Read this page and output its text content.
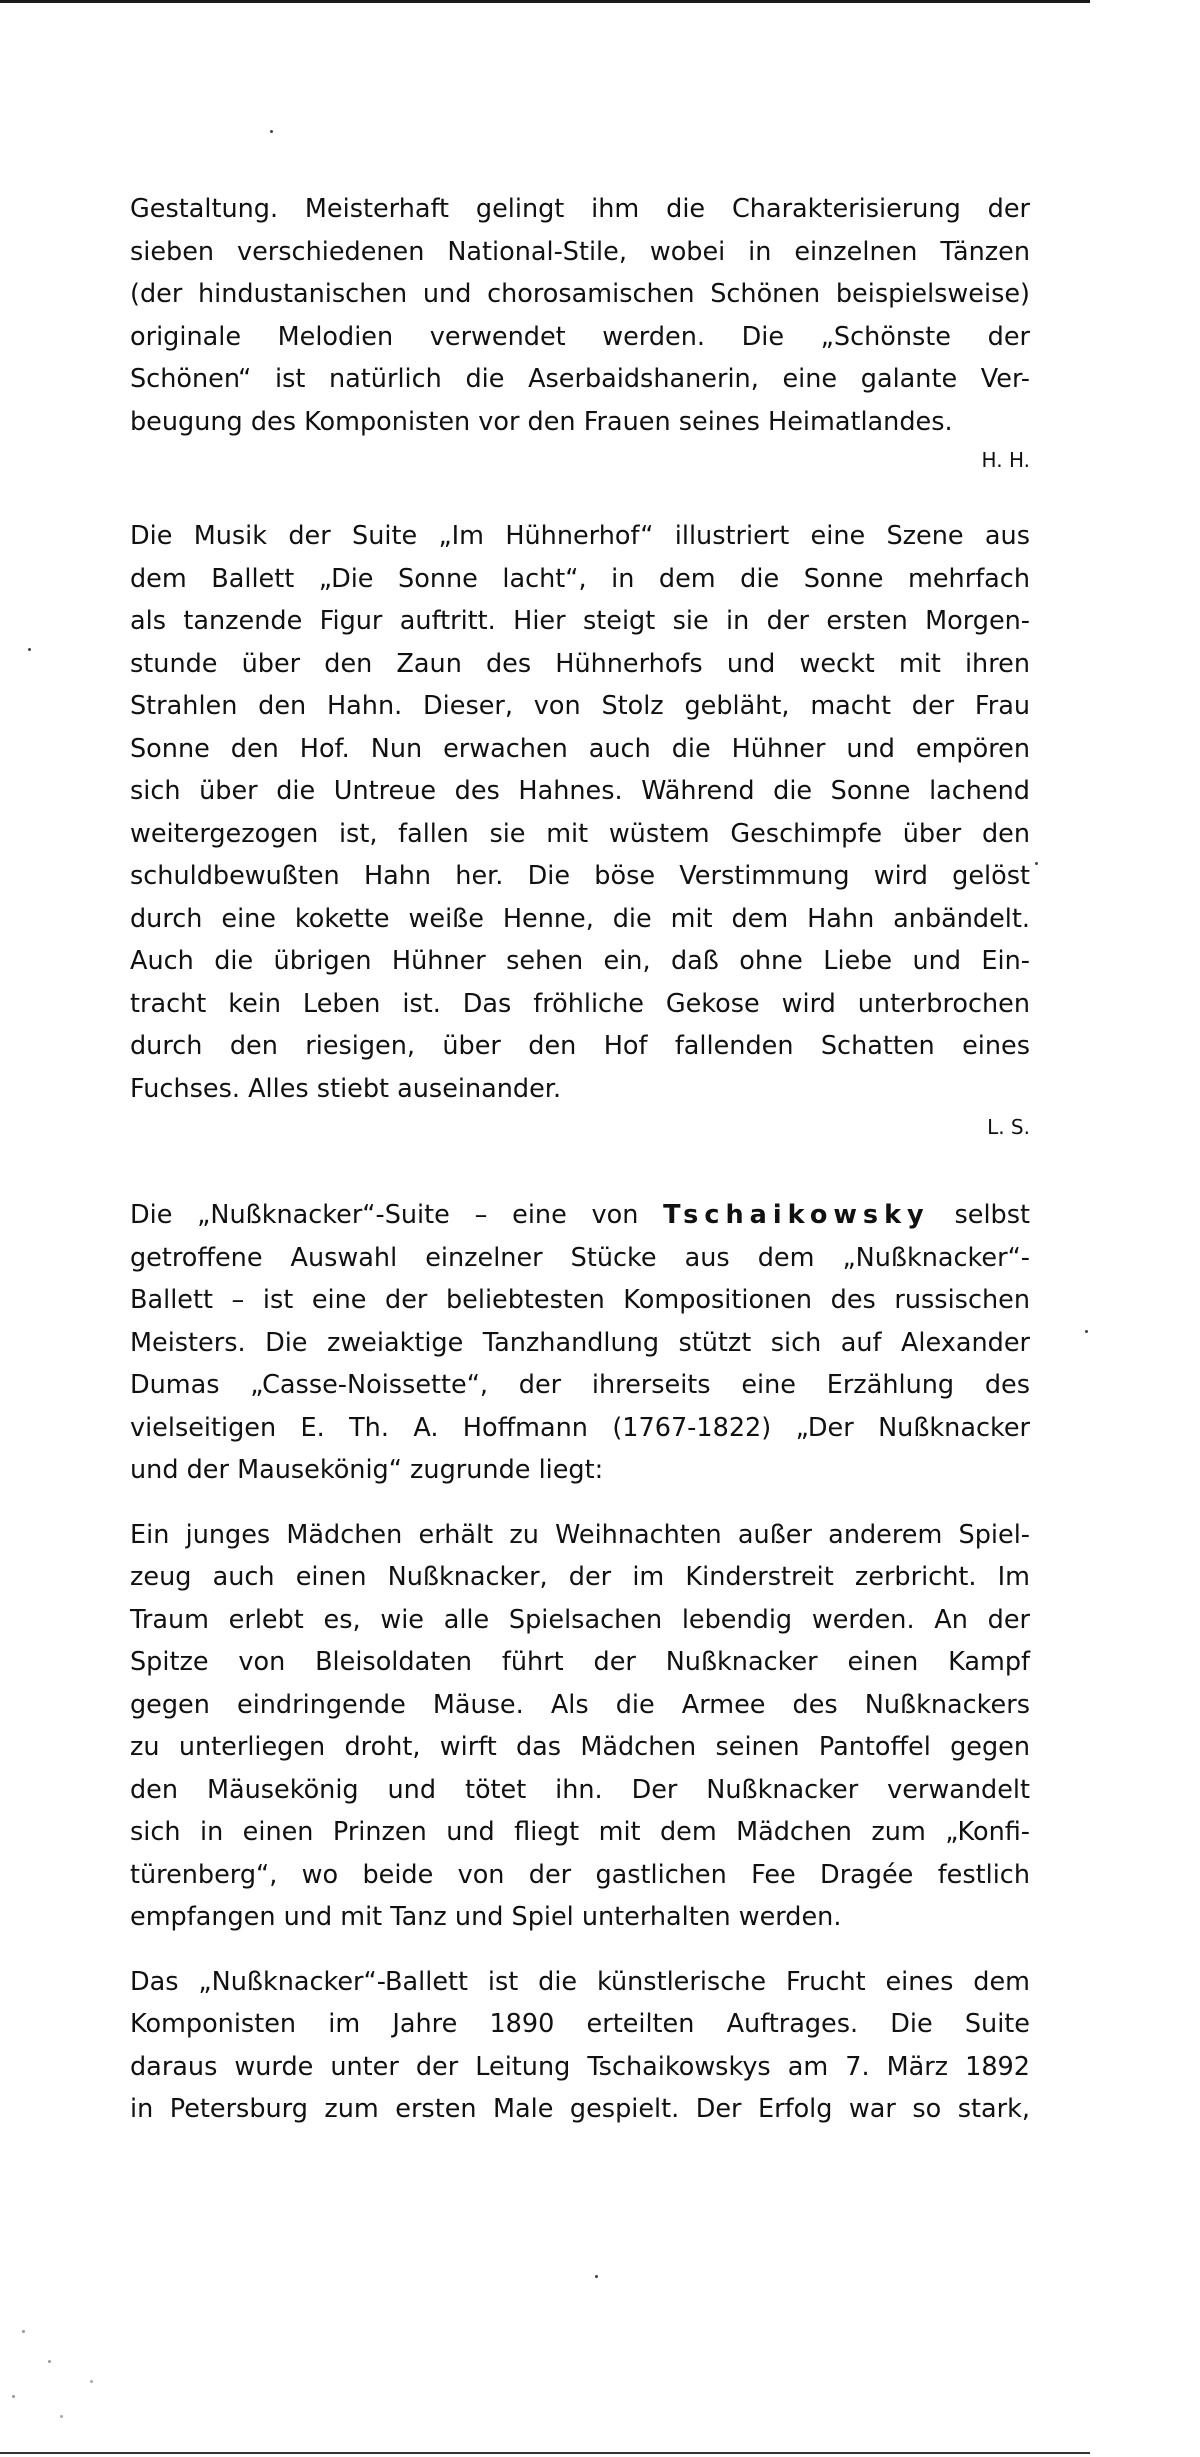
Gestaltung. Meisterhaft gelingt ihm die Charakterisierung der
sieben verschiedenen National-Stile, wobei in einzelnen Tänzen
(der hindustanischen und chorosamischen Schönen beispielsweise)
originale Melodien verwendet werden. Die „Schönste der
Schönen“ ist natürlich die Aserbaidshanerin, eine galante Ver-
beugung des Komponisten vor den Frauen seines Heimatlandes.

H. H.

Die Musik der Suite „Im Hühnerhof“ illustriert eine Szene aus
dem Ballett „Die Sonne lacht“, in dem die Sonne mehrfach
als tanzende Figur auftritt. Hier steigt sie in der ersten Morgen-
stunde über den Zaun des Hühnerhofs und weckt mit ihren
Strahlen den Hahn. Dieser, von Stolz gebläht, macht der Frau
Sonne den Hof. Nun erwachen auch die Hühner und empören
sich über die Untreue des Hahnes. Während die Sonne lachend
weitergezogen ist, fallen sie mit wüstem Geschimpfe über den
schuldbewußten Hahn her. Die böse Verstimmung wird gelöst
durch eine kokette weiße Henne, die mit dem Hahn anbändelt.
Auch die übrigen Hühner sehen ein, daß ohne Liebe und Ein-
tracht kein Leben ist. Das fröhliche Gekose wird unterbrochen
durch den riesigen, über den Hof fallenden Schatten eines
Fuchses. Alles stiebt auseinander.

L. S.

Die „Nußknacker“-Suite – eine von Tschaikowsky selbst
getroffene Auswahl einzelner Stücke aus dem „Nußknacker“-
Ballett – ist eine der beliebtesten Kompositionen des russischen
Meisters. Die zweiaktige Tanzhandlung stützt sich auf Alexander
Dumas „Casse-Noissette“, der ihrerseits eine Erzählung des
vielseitigen E. Th. A. Hoffmann (1767-1822) „Der Nußknacker
und der Mausekönig“ zugrunde liegt:
Ein junges Mädchen erhält zu Weihnachten außer anderem Spiel-
zeug auch einen Nußknacker, der im Kinderstreit zerbricht. Im
Traum erlebt es, wie alle Spielsachen lebendig werden. An der
Spitze von Bleisoldaten führt der Nußknacker einen Kampf
gegen eindringende Mäuse. Als die Armee des Nußknackers
zu unterliegen droht, wirft das Mädchen seinen Pantoffel gegen
den Mäusekönig und tötet ihn. Der Nußknacker verwandelt
sich in einen Prinzen und fliegt mit dem Mädchen zum „Konfi-
türenberg“, wo beide von der gastlichen Fee Dragée festlich
empfangen und mit Tanz und Spiel unterhalten werden.
Das „Nußknacker“-Ballett ist die künstlerische Frucht eines dem
Komponisten im Jahre 1890 erteilten Auftrages. Die Suite
daraus wurde unter der Leitung Tschaikowskys am 7. März 1892
in Petersburg zum ersten Male gespielt. Der Erfolg war so stark,
